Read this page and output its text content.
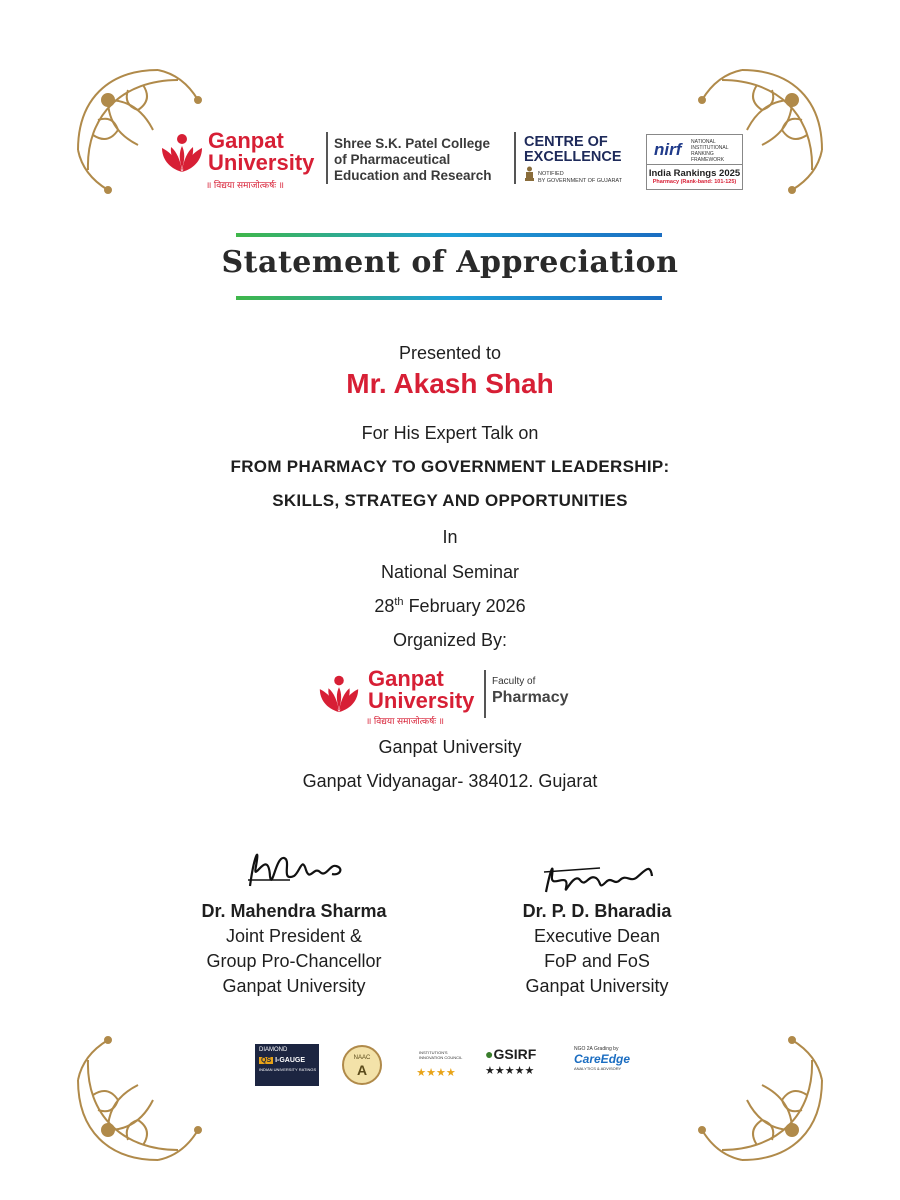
Ganpat
University
॥ विद्यया समाजोत्कर्षः ॥
Shree S.K. Patel College
of Pharmaceutical
Education and Research
CENTRE OF
EXCELLENCE
NOTIFIED
BY GOVERNMENT OF GUJARAT
nirf NATIONAL
INSTITUTIONAL
RANKING
FRAMEWORK
India Rankings 2025
Pharmacy (Rank-band: 101-125)
Statement of Appreciation
Presented to
Mr. Akash Shah
For His Expert Talk on
FROM PHARMACY TO GOVERNMENT LEADERSHIP:
SKILLS, STRATEGY AND OPPORTUNITIES
In
National Seminar
28th February 2026
Organized By:
Ganpat
University
॥ विद्यया समाजोत्कर्षः ॥
Faculty of
Pharmacy
Ganpat University
Ganpat Vidyanagar- 384012. Gujarat
Dr. Mahendra Sharma
Joint President &
Group Pro-Chancellor
Ganpat University
Dr. P. D. Bharadia
Executive Dean
FoP and FoS
Ganpat University
DIAMOND
QS I-GAUGE
INDIAN UNIVERSITY RATINGS
NAAC
A
INSTITUTION'S INNOVATION COUNCIL
★★★★
●GSIRF
★★★★★
NGO 2A Grading by
CareEdge
ANALYTICS & ADVISORY
